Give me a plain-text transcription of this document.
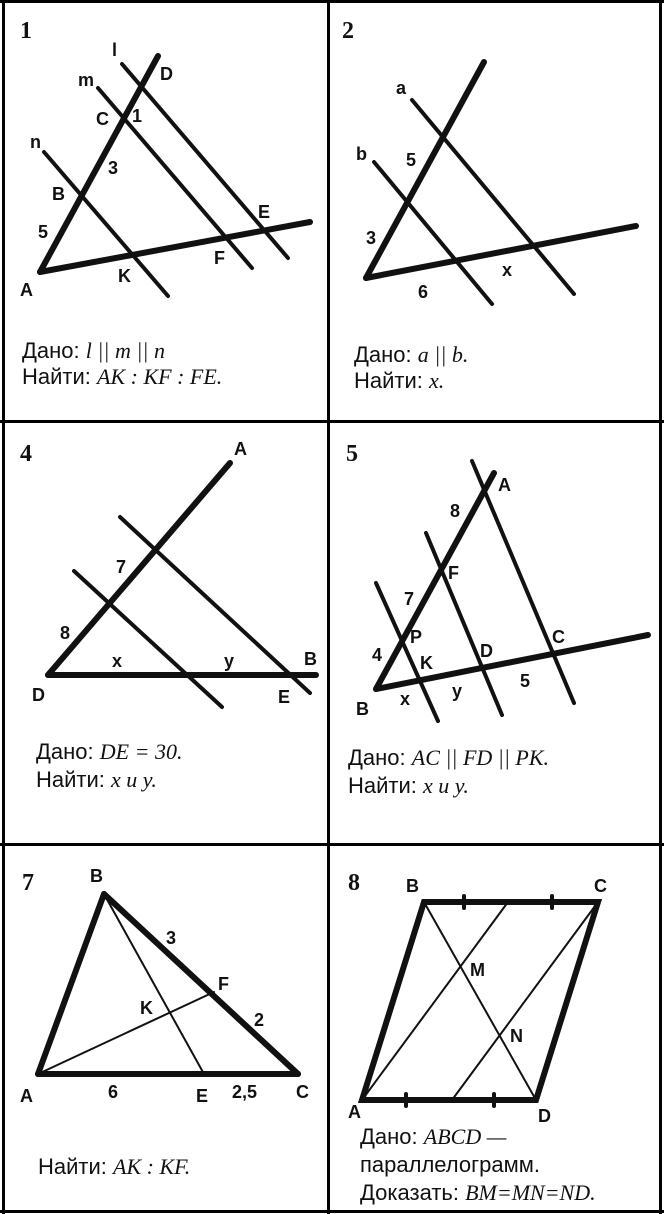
1
l
m
n
D
C 1
3
B
5
E
F
K
A
Дано: l || m || n
Найти: AK : KF : FE.
2
a
b 5
3
6
x
Дано: a || b.
Найти: x.
4	A
7
8
x	y	B
D	E
Дано: DE = 30.
Найти: x и y.
5
A
8
F
7
P
4 K
D
C
5
y
x
B
Дано: AC || FD || PK.
Найти: x и y.
7	B
3
F
K
2
A	6	E 2,5 C
Найти: AK : KF.
8	B	C
M
N
A	D
Дано: ABCD —
параллелограмм.
Доказать: BM=MN=ND.
